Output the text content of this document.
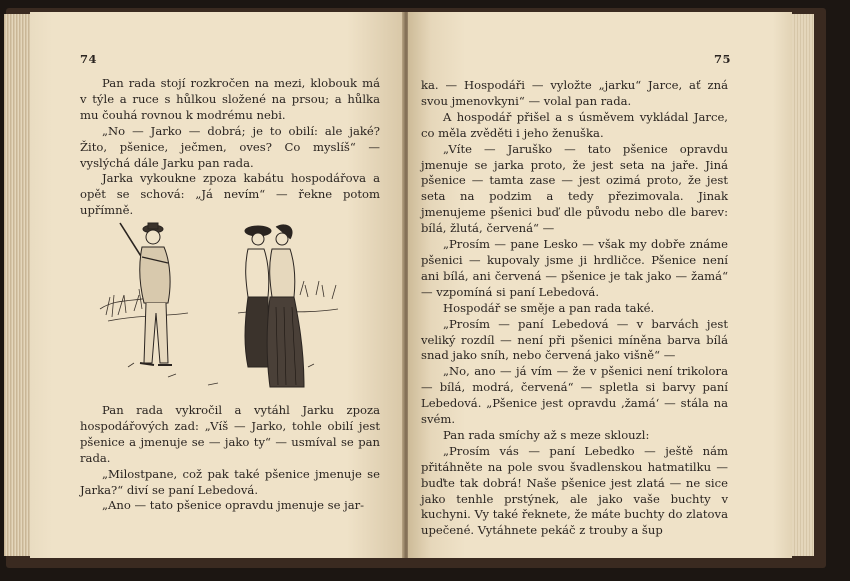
74

Pan rada stojí rozkročen na mezi, klobouk má v týle a ruce s hůlkou složené na prsou; a hůlka mu čouhá rovnou k modrému nebi.

„No — Jarko — dobrá; je to obilí: ale jaké? Žito, pšenice, ječmen, oves? Co myslíš“ — vyslýchá dále Jarku pan rada.

Jarka vykoukne zpoza kabátu hospodářova a opět se schová: „Já nevím“ — řekne potom upřímně.

Pan rada vykročil a vytáhl Jarku zpoza hospodářových zad: „Víš — Jarko, tohle obilí jest pšenice a jmenuje se — jako ty“ — usmíval se pan rada.

„Milostpane, což pak také pšenice jmenuje se Jarka?“ diví se paní Lebedová.

„Ano — tato pšenice opravdu jmenuje se jar-

75

ka. — Hospodáři — vyložte „jarku“ Jarce, ať zná svou jmenovkyni“ — volal pan rada.

A hospodář přišel a s úsměvem vykládal Jarce, co měla zvěděti i jeho ženuška.

„Víte — Jaruško — tato pšenice opravdu jmenuje se jarka proto, že jest seta na jaře. Jiná pšenice — tamta zase — jest ozimá proto, že jest seta na podzim a tedy přezimovala. Jinak jmenujeme pšenici buď dle původu nebo dle barev: bílá, žlutá, červená“ —

„Prosím — pane Lesko — však my dobře známe pšenici — kupovaly jsme ji hrdličce. Pšenice není ani bílá, ani červená — pšenice je tak jako — žamá“ — vzpomíná si paní Lebedová.

Hospodář se směje a pan rada také.

„Prosím — paní Lebedová — v barvách jest veliký rozdíl — není při pšenici míněna barva bílá snad jako sníh, nebo červená jako višně“ —

„No, ano — já vím — že v pšenici není trikolora — bílá, modrá, červená“ — spletla si barvy paní Lebedová. „Pšenice jest opravdu ‚žamá‘ — stála na svém.

Pan rada smíchy až s meze sklouzl:

„Prosím vás — paní Lebedko — ještě nám přitáhněte na pole svou švadlenskou hatmatilku — buďte tak dobrá! Naše pšenice jest zlatá — ne sice jako tenhle prstýnek, ale jako vaše buchty v kuchyni. Vy také řeknete, že máte buchty do zlatova upečené. Vytáhnete pekáč z trouby a šup
